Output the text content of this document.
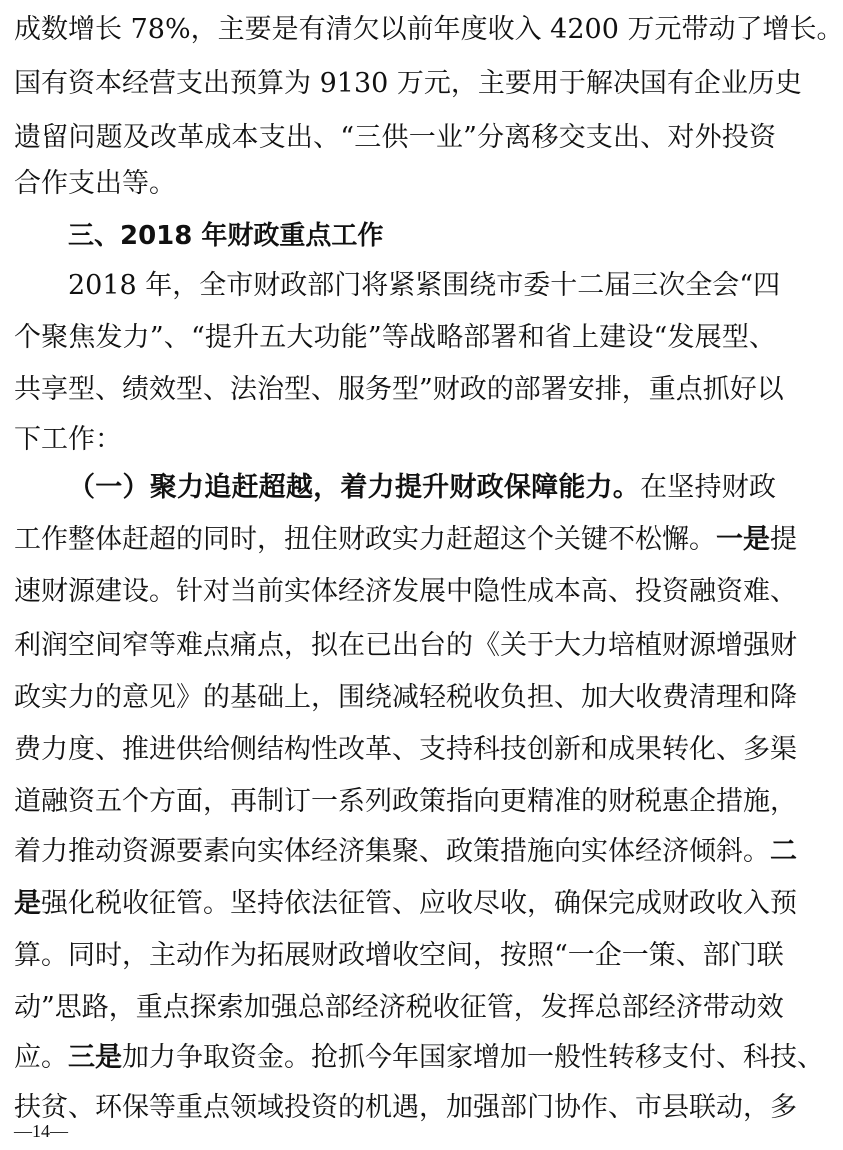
成数增长 78%，主要是有清欠以前年度收入 4200 万元带动了增长。
国有资本经营支出预算为 9130 万元，主要用于解决国有企业历史
遗留问题及改革成本支出、“三供一业”分离移交支出、对外投资
合作支出等。
三、2018 年财政重点工作
2018 年，全市财政部门将紧紧围绕市委十二届三次全会“四
个聚焦发力”、“提升五大功能”等战略部署和省上建设“发展型、
共享型、绩效型、法治型、服务型”财政的部署安排，重点抓好以
下工作：
（一）聚力追赶超越，着力提升财政保障能力。在坚持财政
工作整体赶超的同时，扭住财政实力赶超这个关键不松懈。一是提
速财源建设。针对当前实体经济发展中隐性成本高、投资融资难、
利润空间窄等难点痛点，拟在已出台的《关于大力培植财源增强财
政实力的意见》的基础上，围绕减轻税收负担、加大收费清理和降
费力度、推进供给侧结构性改革、支持科技创新和成果转化、多渠
道融资五个方面，再制订一系列政策指向更精准的财税惠企措施，
着力推动资源要素向实体经济集聚、政策措施向实体经济倾斜。二
是强化税收征管。坚持依法征管、应收尽收，确保完成财政收入预
算。同时，主动作为拓展财政增收空间，按照“一企一策、部门联
动”思路，重点探索加强总部经济税收征管，发挥总部经济带动效
应。三是加力争取资金。抢抓今年国家增加一般性转移支付、科技、
扶贫、环保等重点领域投资的机遇，加强部门协作、市县联动，多
—14—
